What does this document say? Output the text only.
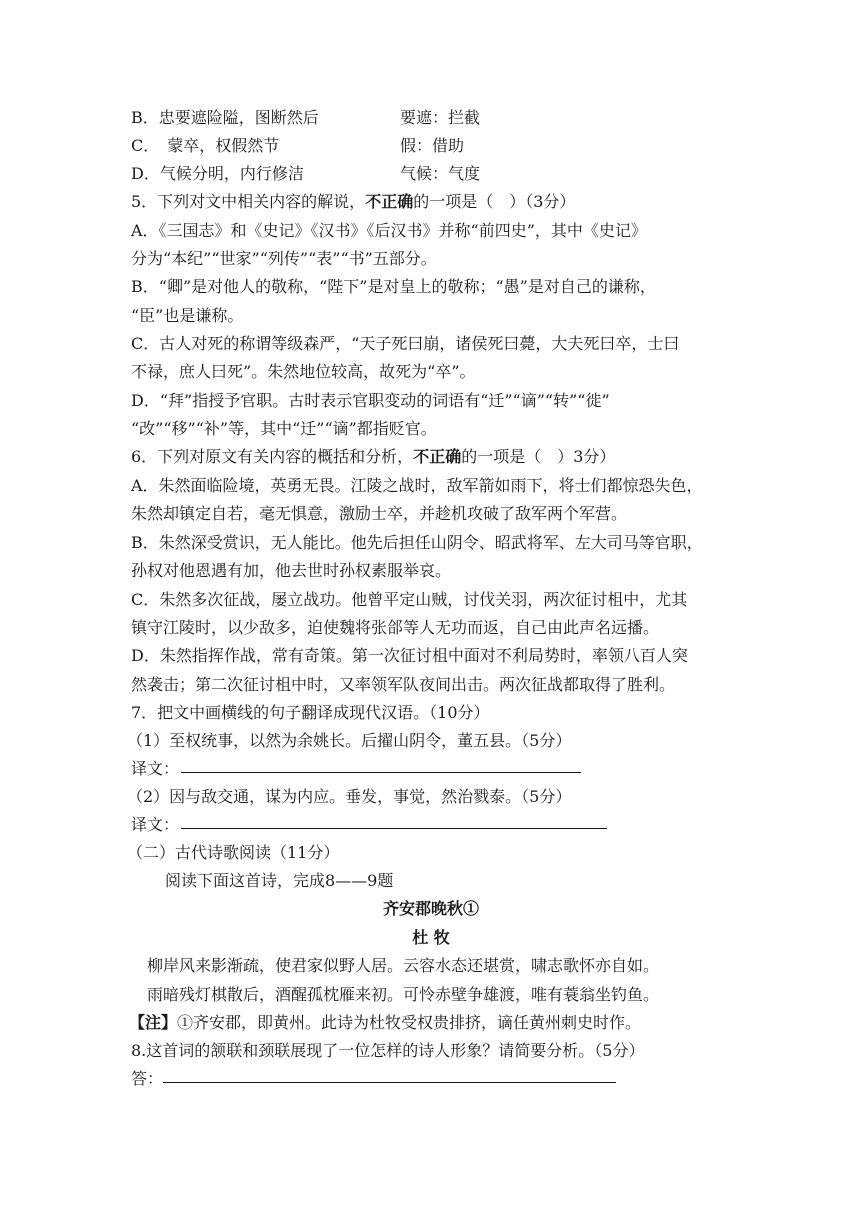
B．忠要遮险隘，图断然后	要遮：拦截
C．　蒙卒，权假然节	假：借助
D．气候分明，内行修洁	气候：气度
5．下列对文中相关内容的解说，不正确的一项是（　）（3分）
A．《三国志》和《史记》《汉书》《后汉书》并称“前四史”，其中《史记》
分为“本纪”“世家”“列传”“表”“书”五部分。
B．“卿”是对他人的敬称，“陛下”是对皇上的敬称；“愚”是对自己的谦称，
“臣”也是谦称。
C．古人对死的称谓等级森严，“天子死曰崩，诸侯死曰薨，大夫死曰卒，士曰
不禄，庶人曰死”。朱然地位较高，故死为“卒”。
D．“拜”指授予官职。古时表示官职变动的词语有“迁”“谪”“转”“徙”
“改”“移”“补”等，其中“迁”“谪”都指贬官。
6．下列对原文有关内容的概括和分析，不正确的一项是（　）3分）
A．朱然面临险境，英勇无畏。江陵之战时，敌军箭如雨下，将士们都惊恐失色，
朱然却镇定自若，毫无惧意，激励士卒，并趁机攻破了敌军两个军营。
B．朱然深受赏识，无人能比。他先后担任山阴令、昭武将军、左大司马等官职，
孙权对他恩遇有加，他去世时孙权素服举哀。
C．朱然多次征战，屡立战功。他曾平定山贼，讨伐关羽，两次征讨柤中，尤其
镇守江陵时，以少敌多，迫使魏将张郃等人无功而返，自己由此声名远播。
D．朱然指挥作战，常有奇策。第一次征讨柤中面对不利局势时，率领八百人突
然袭击；第二次征讨柤中时，又率领军队夜间出击。两次征战都取得了胜利。
7．把文中画横线的句子翻译成现代汉语。（10分）
（1）至权统事，以然为余姚长。后擢山阴令，董五县。（5分）
译文：
（2）因与敌交通，谋为内应。垂发，事觉，然治戮泰。（5分）
译文：
（二）古代诗歌阅读（11分）
阅读下面这首诗，完成8——9题
齐安郡晚秋①
杜 牧
柳岸风来影渐疏，使君家似野人居。云容水态还堪赏，啸志歌怀亦自如。
雨暗残灯棋散后，酒醒孤枕雁来初。可怜赤壁争雄渡，唯有蓑翁坐钓鱼。
【注】①齐安郡，即黄州。此诗为杜牧受权贵排挤，谪任黄州刺史时作。
8.这首词的颔联和颈联展现了一位怎样的诗人形象？请简要分析。（5分）
答：
